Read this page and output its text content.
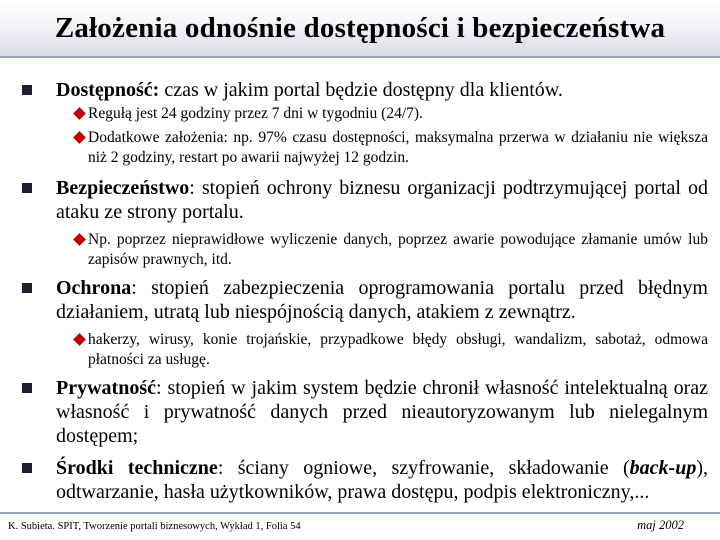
Założenia odnośnie dostępności i bezpieczeństwa
Dostępność: czas w jakim portal będzie dostępny dla klientów.
Regułą jest 24 godziny przez 7 dni w tygodniu (24/7).
Dodatkowe założenia: np. 97% czasu dostępności, maksymalna przerwa w działaniu nie większa niż 2 godziny, restart po awarii najwyżej 12 godzin.
Bezpieczeństwo: stopień ochrony biznesu organizacji podtrzymującej portal od ataku ze strony portalu.
Np. poprzez nieprawidłowe wyliczenie danych, poprzez awarie powodujące złamanie umów lub zapisów prawnych, itd.
Ochrona: stopień zabezpieczenia oprogramowania portalu przed błędnym działaniem, utratą lub niespójnością danych, atakiem z zewnątrz.
hakerzy, wirusy, konie trojańskie, przypadkowe błędy obsługi, wandalizm, sabotaż, odmowa płatności za usługę.
Prywatność: stopień w jakim system będzie chronił własność intelektualną oraz własność i prywatność danych przed nieautoryzowanym lub nielegalnym dostępem;
Środki techniczne: ściany ogniowe, szyfrowanie, składowanie (back-up), odtwarzanie, hasła użytkowników, prawa dostępu, podpis elektroniczny,...
K. Subieta. SPIT, Tworzenie portali biznesowych, Wykład 1, Folia 54	maj 2002
